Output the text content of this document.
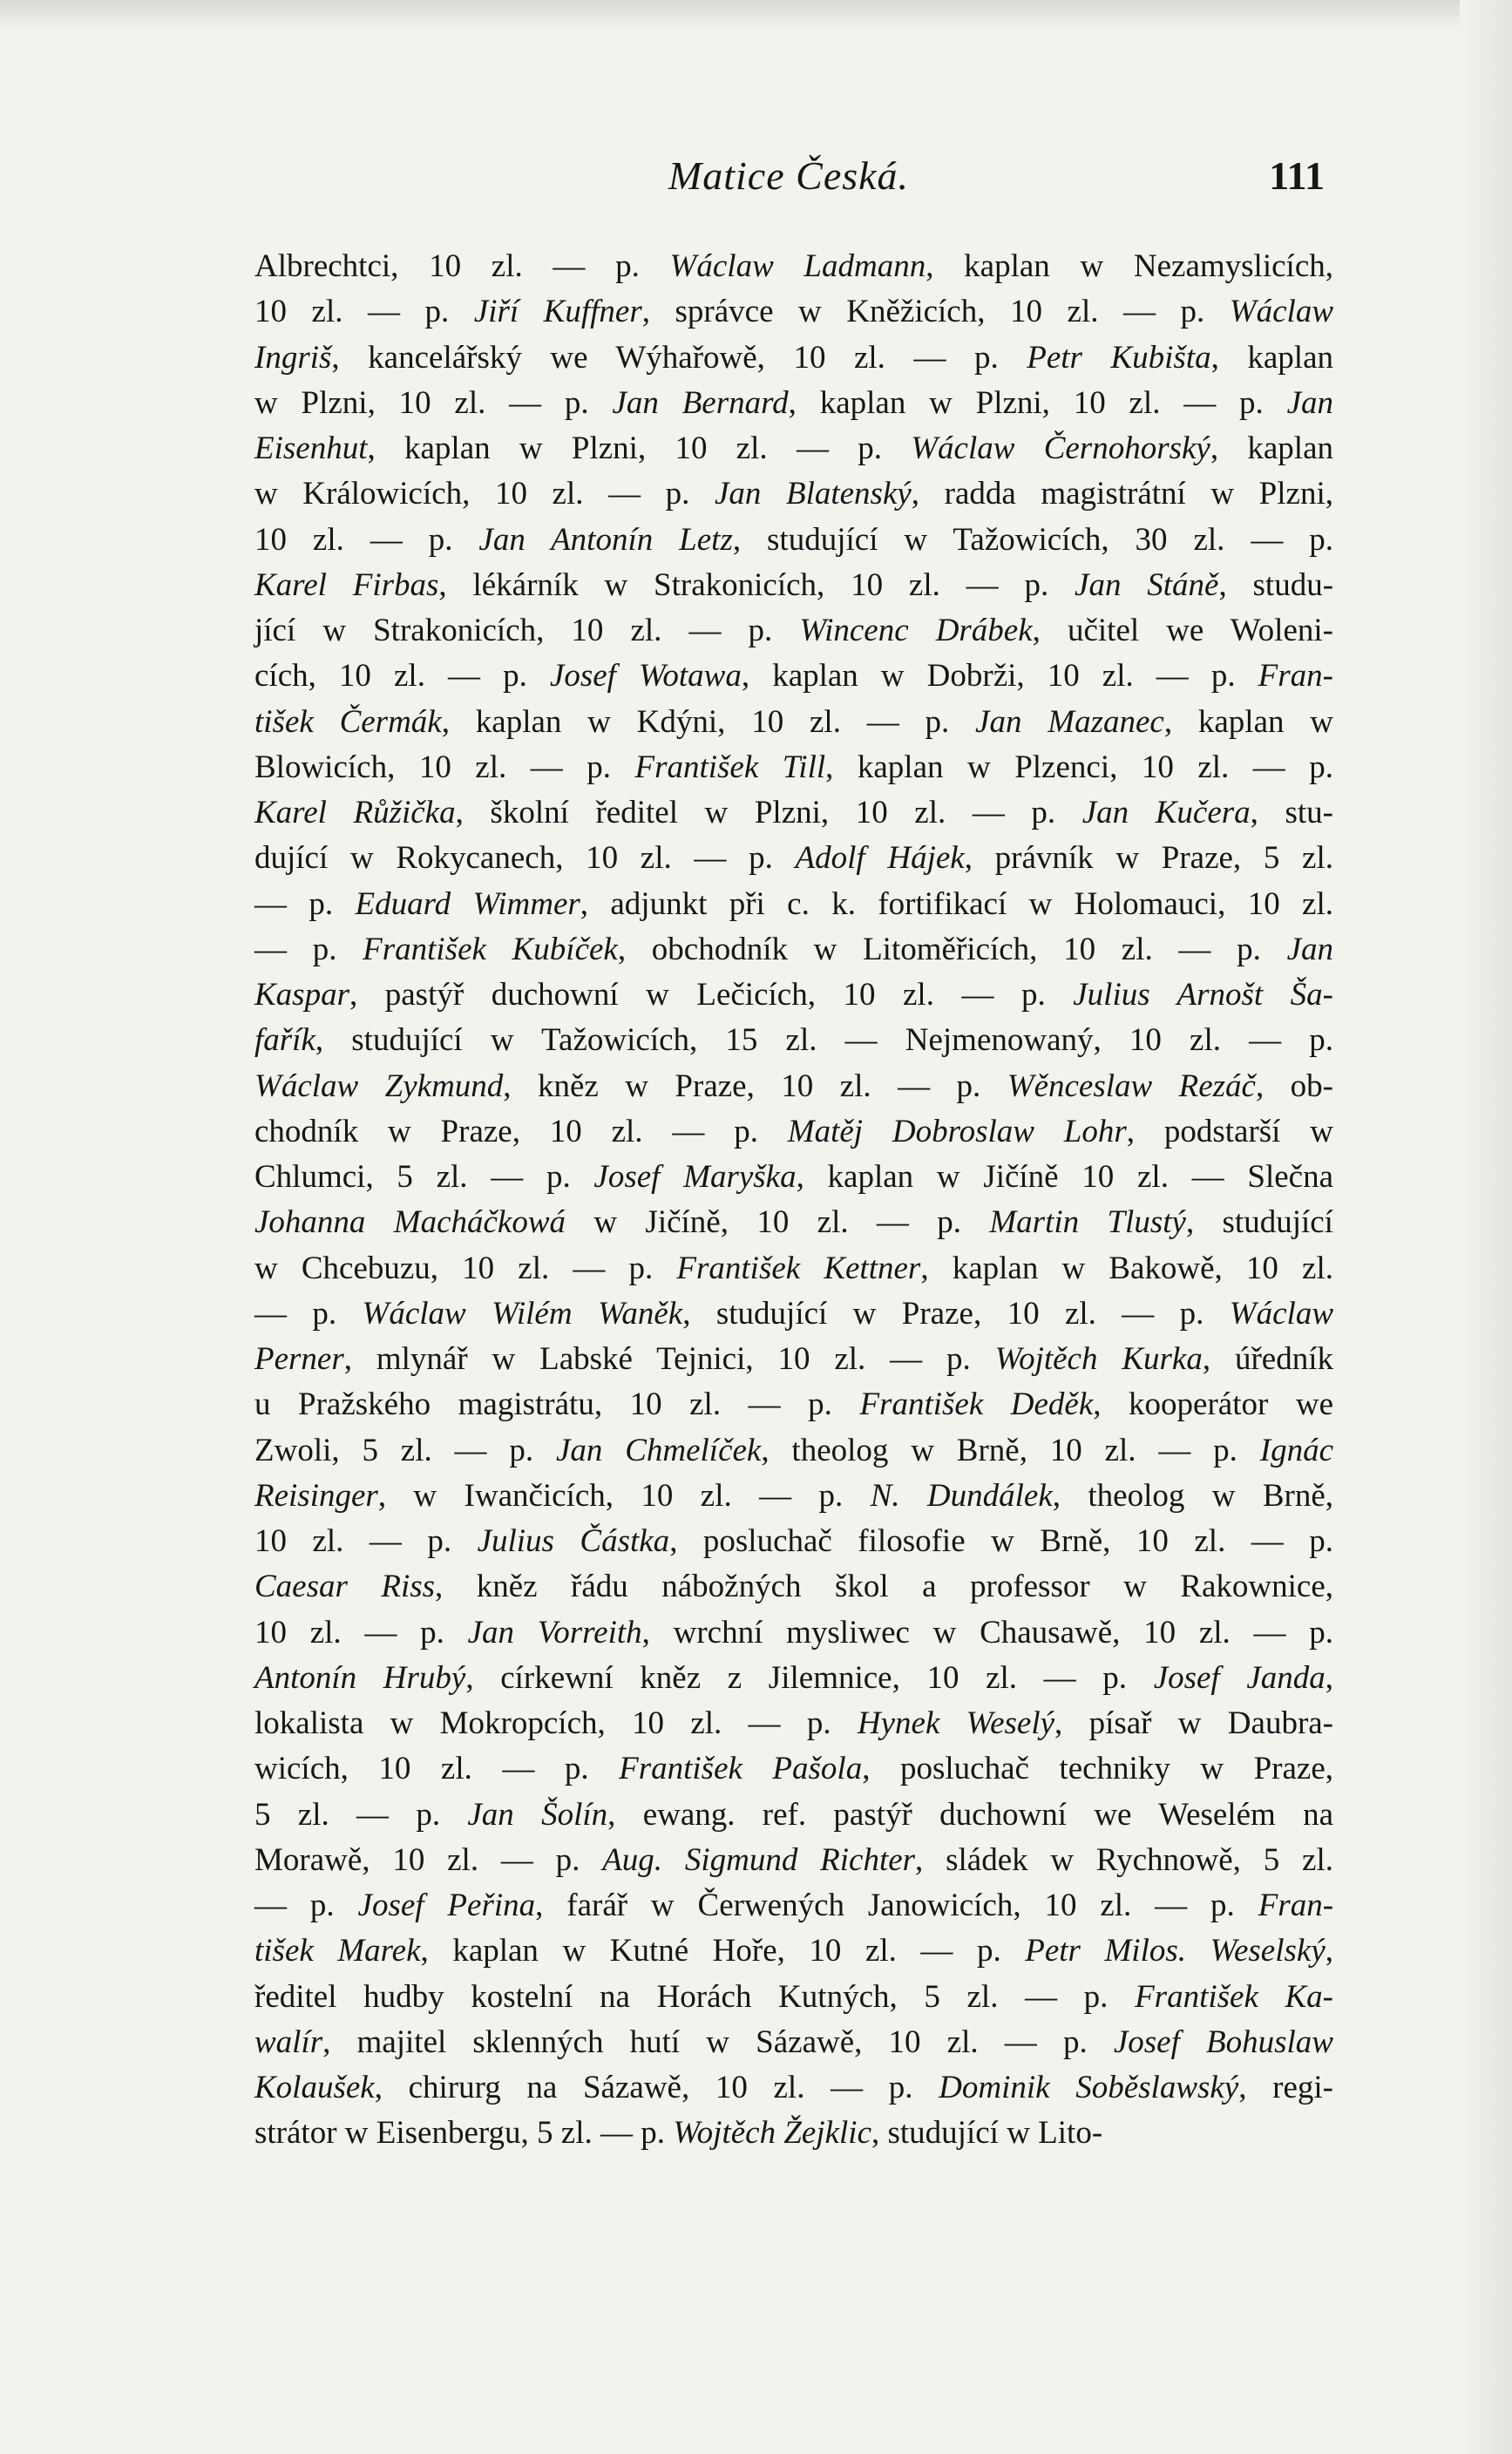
Matice Česká.	111

Albrechtci, 10 zl. — p. Wáclaw Ladmann, kaplan w Nezamyslicích,

10 zl. — p. Jiří Kuffner, správce w Kněžicích, 10 zl. — p. Wáclaw

Ingriš, kancelářský we Wýhařowě, 10 zl. — p. Petr Kubišta, kaplan

w Plzni, 10 zl. — p. Jan Bernard, kaplan w Plzni, 10 zl. — p. Jan

Eisenhut, kaplan w Plzni, 10 zl. — p. Wáclaw Černohorský, kaplan

w Králowicích, 10 zl. — p. Jan Blatenský, radda magistrátní w Plzni,

10 zl. — p. Jan Antonín Letz, studující w Tažowicích, 30 zl. — p.

Karel Firbas, lékárník w Strakonicích, 10 zl. — p. Jan Stáně, studu-

jící w Strakonicích, 10 zl. — p. Wincenc Drábek, učitel we Woleni-

cích, 10 zl. — p. Josef Wotawa, kaplan w Dobrži, 10 zl. — p. Fran-

tišek Čermák, kaplan w Kdýni, 10 zl. — p. Jan Mazanec, kaplan w

Blowicích, 10 zl. — p. František Till, kaplan w Plzenci, 10 zl. — p.

Karel Růžička, školní ředitel w Plzni, 10 zl. — p. Jan Kučera, stu-

dující w Rokycanech, 10 zl. — p. Adolf Hájek, právník w Praze, 5 zl.

— p. Eduard Wimmer, adjunkt při c. k. fortifikací w Holomauci, 10 zl.

— p. František Kubíček, obchodník w Litoměřicích, 10 zl. — p. Jan

Kaspar, pastýř duchowní w Lečicích, 10 zl. — p. Julius Arnošt Ša-

fařík, studující w Tažowicích, 15 zl. — Nejmenowaný, 10 zl. — p.

Wáclaw Zykmund, kněz w Praze, 10 zl. — p. Wěnceslaw Rezáč, ob-

chodník w Praze, 10 zl. — p. Matěj Dobroslaw Lohr, podstarší w

Chlumci, 5 zl. — p. Josef Maryška, kaplan w Jičíně 10 zl. — Slečna

Johanna Macháčkowá w Jičíně, 10 zl. — p. Martin Tlustý, studující

w Chcebuzu, 10 zl. — p. František Kettner, kaplan w Bakowě, 10 zl.

— p. Wáclaw Wilém Waněk, studující w Praze, 10 zl. — p. Wáclaw

Perner, mlynář w Labské Tejnici, 10 zl. — p. Wojtěch Kurka, úředník

u Pražského magistrátu, 10 zl. — p. František Deděk, kooperátor we

Zwoli, 5 zl. — p. Jan Chmelíček, theolog w Brně, 10 zl. — p. Ignác

Reisinger, w Iwančicích, 10 zl. — p. N. Dundálek, theolog w Brně,

10 zl. — p. Julius Částka, posluchač filosofie w Brně, 10 zl. — p.

Caesar Riss, kněz řádu nábožných škol a professor w Rakownice,

10 zl. — p. Jan Vorreith, wrchní mysliwec w Chausawě, 10 zl. — p.

Antonín Hrubý, církewní kněz z Jilemnice, 10 zl. — p. Josef Janda,

lokalista w Mokropcích, 10 zl. — p. Hynek Weselý, písař w Daubra-

wicích, 10 zl. — p. František Pašola, posluchač techniky w Praze,

5 zl. — p. Jan Šolín, ewang. ref. pastýř duchowní we Weselém na

Morawě, 10 zl. — p. Aug. Sigmund Richter, sládek w Rychnowě, 5 zl.

— p. Josef Peřina, farář w Čerwených Janowicích, 10 zl. — p. Fran-

tišek Marek, kaplan w Kutné Hoře, 10 zl. — p. Petr Milos. Weselský,

ředitel hudby kostelní na Horách Kutných, 5 zl. — p. František Ka-

walír, majitel sklenných hutí w Sázawě, 10 zl. — p. Josef Bohuslaw

Kolaušek, chirurg na Sázawě, 10 zl. — p. Dominik Soběslawský, regi-

strátor w Eisenbergu, 5 zl. — p. Wojtěch Žejklic, studující w Lito-
